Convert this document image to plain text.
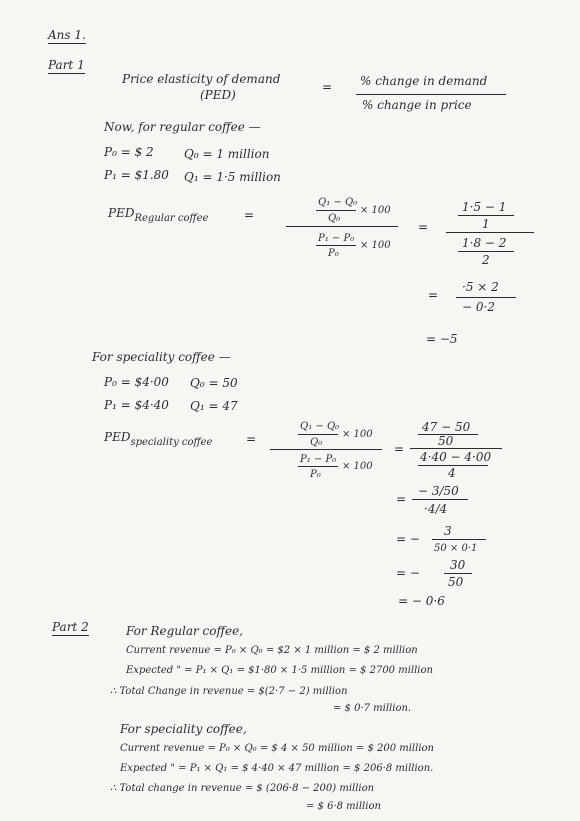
Ans 1.
Part 1
Price elasticity of demand
(PED)
= % change in demand
% change in price
Now, for regular coffee —
P₀ = $ 2	Q₀ = 1 million
P₁ = $1.80 Q₁ = 1·5 million
$PED_{Regular coffee}$	=
Q₁ − Q₀
× 100
Q₀
P₁ − P₀
× 100
P₀
=
1·5 − 1
1
1·8 − 2
2
=
·5 × 2
− 0·2
= −5
For speciality coffee —
P₀ = $4·00 Q₀ = 50
P₁ = $4·40 Q₁ = 47
$PED_{speciality coffee}$	=
Q₁ − Q₀
× 100
Q₀
P₁ − P₀
× 100
P₀
=
47 − 50
50
4·40 − 4·00
4
=
− 3/50
·4/4
= −
3
50 × 0·1
= −
30
50
= − 0·6
Part 2	For Regular coffee,
Current revenue = P₀ × Q₀ = $2 × 1 million = $ 2 million
Expected " = P₁ × Q₁ = $1·80 × 1·5 million = $ 2700 million
∴ Total Change in revenue = $(2·7 − 2) million
= $ 0·7 million.
For speciality coffee,
Current revenue = P₀ × Q₀ = $ 4 × 50 million = $ 200 million
Expected " = P₁ × Q₁ = $ 4·40 × 47 million = $ 206·8 million.
∴ Total change in revenue = $ (206·8 − 200) million
= $ 6·8 million
